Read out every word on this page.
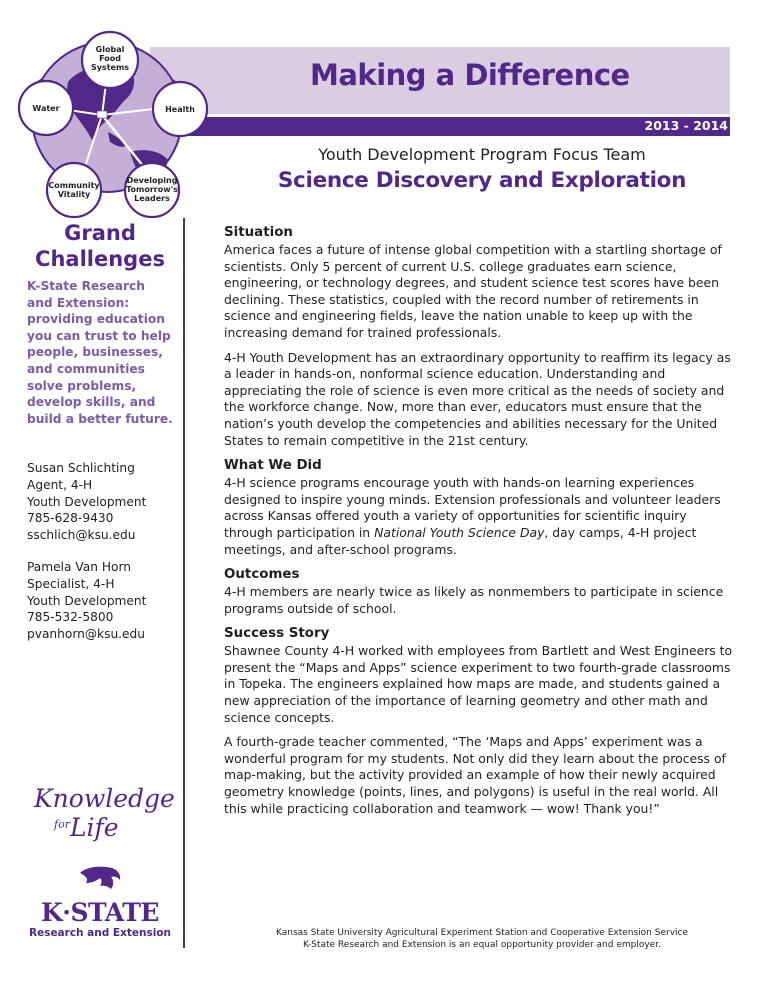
Making a Difference
2013 - 2014
Global
Food
Systems
Water	Health
Community
Vitality
Developing
Tomorrow's
Leaders
Youth Development Program Focus Team
Science Discovery and Exploration
Grand
Challenges
K-State Research
and Extension:
providing education
you can trust to help
people, businesses,
and communities
solve problems,
develop skills, and
build a better future.
Susan Schlichting
Agent, 4-H
Youth Development
785-628-9430
sschlich@ksu.edu
Pamela Van Horn
Specialist, 4-H
Youth Development
785-532-5800
pvanhorn@ksu.edu
Situation

America faces a future of intense global competition with a startling shortage of scientists. Only 5 percent of current U.S. college graduates earn science, engineering, or technology degrees, and student science test scores have been declining. These statistics, coupled with the record number of retirements in science and engineering fields, leave the nation unable to keep up with the increasing demand for trained professionals.

4-H Youth Development has an extraordinary opportunity to reaffirm its legacy as a leader in hands-on, nonformal science education. Understanding and appreciating the role of science is even more critical as the needs of society and the workforce change. Now, more than ever, educators must ensure that the nation’s youth develop the competencies and abilities necessary for the United States to remain competitive in the 21st century.

What We Did

4-H science programs encourage youth with hands-on learning experiences designed to inspire young minds. Extension professionals and volunteer leaders across Kansas offered youth a variety of opportunities for scientific inquiry through participation in National Youth Science Day, day camps, 4-H project meetings, and after-school programs.

Outcomes

4-H members are nearly twice as likely as nonmembers to participate in science programs outside of school.

Success Story

Shawnee County 4-H worked with employees from Bartlett and West Engineers to present the “Maps and Apps” science experiment to two fourth-grade classrooms in Topeka. The engineers explained how maps are made, and students gained a new appreciation of the importance of learning geometry and other math and science concepts.

A fourth-grade teacher commented, “The ‘Maps and Apps’ experiment was a wonderful program for my students. Not only did they learn about the process of map-making, but the activity provided an example of how their newly acquired geometry knowledge (points, lines, and polygons) is useful in the real world. All this while practicing collaboration and teamwork — wow! Thank you!”

Knowledge
$^{for}$Life
K·STATE
Research and Extension	Kansas State University Agricultural Experiment Station and Cooperative Extension Service
K-State Research and Extension is an equal opportunity provider and employer.
